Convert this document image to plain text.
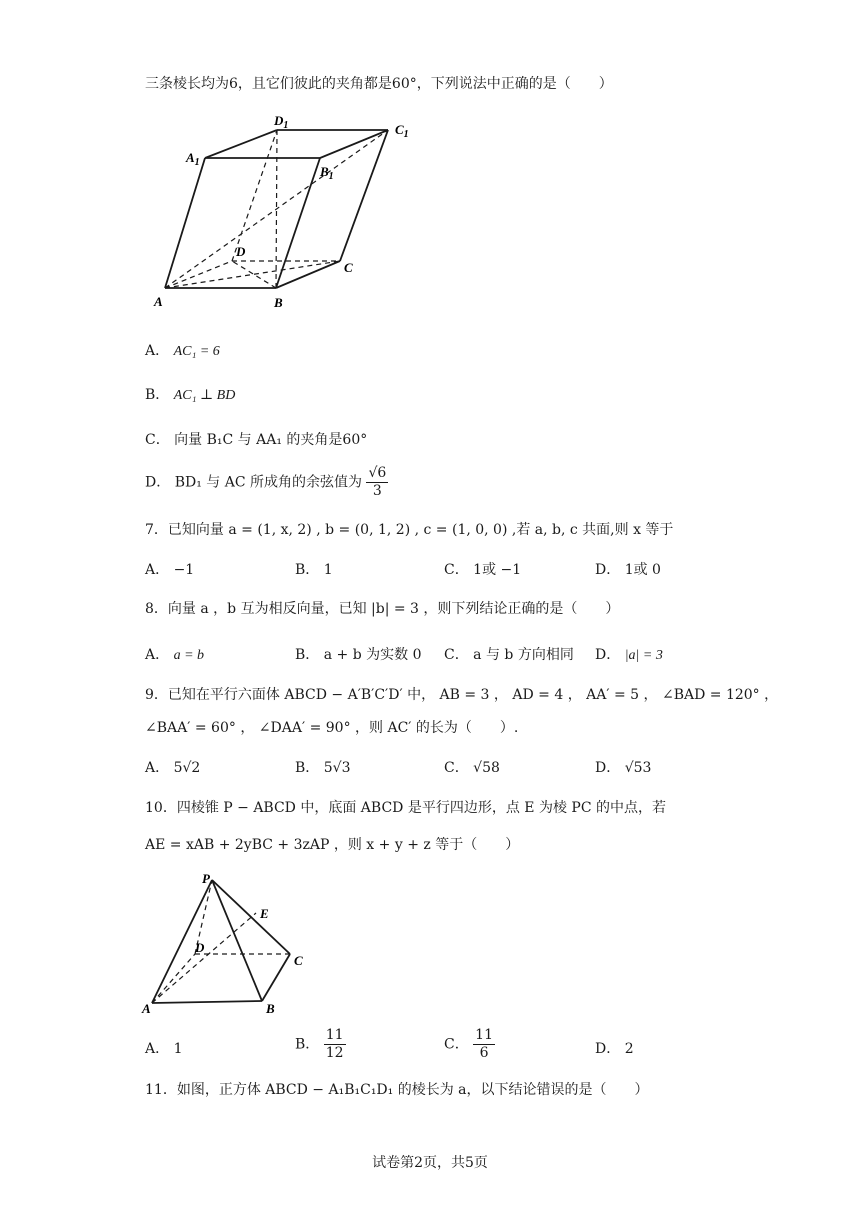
三条棱长均为6，且它们彼此的夹角都是60°，下列说法中正确的是（　　）
$D_1$	$C_1$
$A_1$
$B_1$
D
C
A	B
A． AC₁ = 6
B． AC₁ ⊥ BD
C． 向量 B₁C 与 AA₁ 的夹角是60°
D． BD₁ 与 AC 所成角的余弦值为 $\frac{√6}{3}$
7．已知向量 a = (1, x, 2) , b = (0, 1, 2) , c = (1, 0, 0) ,若 a, b, c 共面,则 x 等于
A． −1	B． 1	C． 1或 −1	D． 1或 0
8．向量 a ，b 互为相反向量，已知 |b| = 3 ，则下列结论正确的是（　　）
A． a = b	B． a + b 为实数 0 C． a 与 b 方向相同 D． |a| = 3
9．已知在平行六面体 ABCD − A′B′C′D′ 中， AB = 3 ， AD = 4 ， AA′ = 5 ， ∠BAD = 120° ，
∠BAA′ = 60° ， ∠DAA′ = 90° ，则 AC′ 的长为（　　）.
A． 5√2	B． 5√3	C． √58	D． √53
10．四棱锥 P − ABCD 中，底面 ABCD 是平行四边形，点 E 为棱 PC 的中点，若
AE = xAB + 2yBC + 3zAP ，则 x + y + z 等于（　　）
P
E
D
C
A	B
A． 1	B． $\frac{11}{12}$	C． $\frac{11}{6}$	D． 2
11．如图，正方体 ABCD − A₁B₁C₁D₁ 的棱长为 a，以下结论错误的是（　　）
试卷第2页，共5页
